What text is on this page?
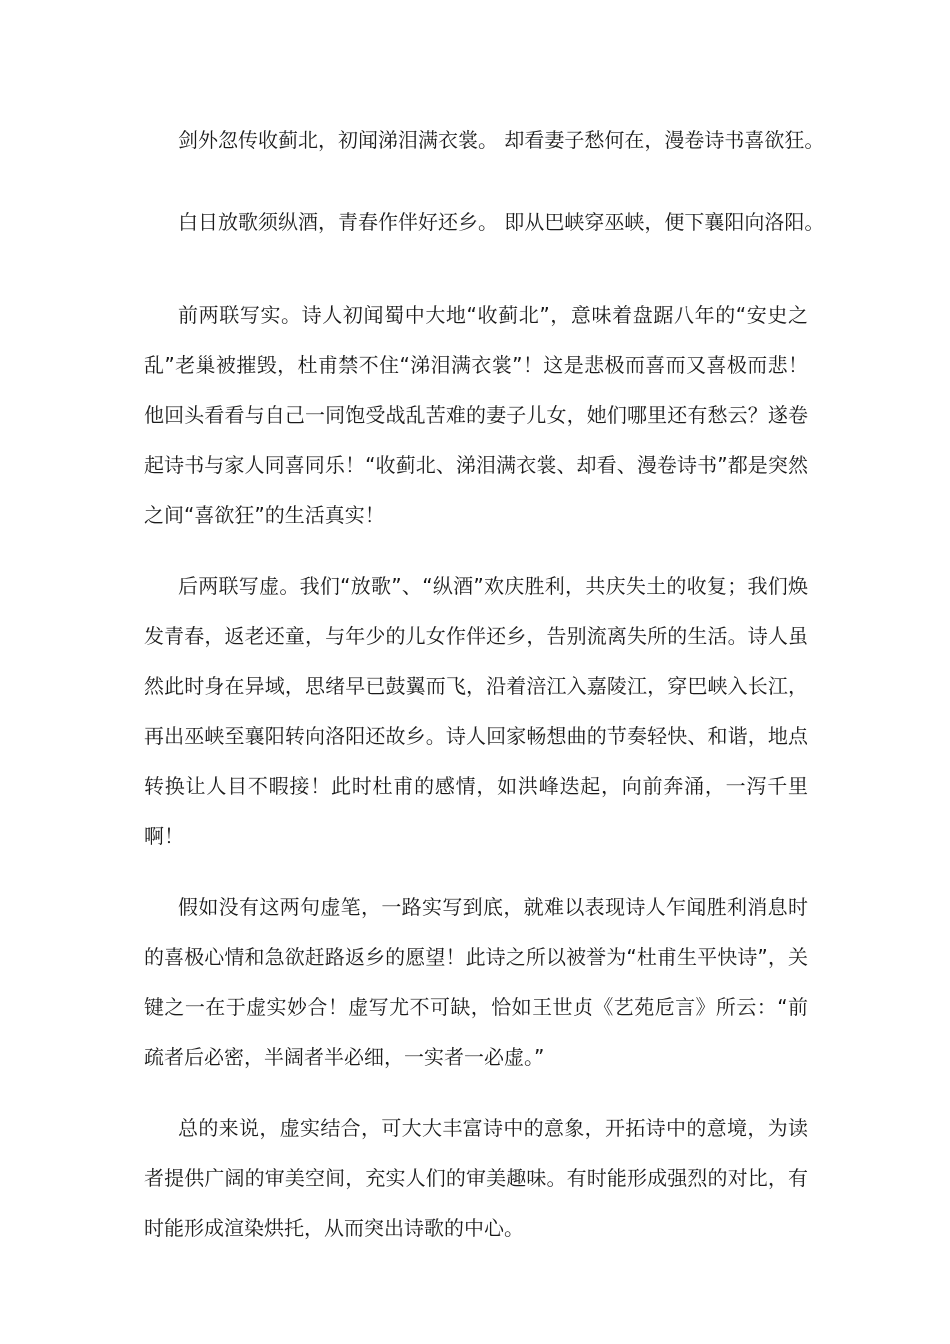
剑外忽传收蓟北，初闻涕泪满衣裳。 却看妻子愁何在，漫卷诗书喜欲狂。

白日放歌须纵酒，青春作伴好还乡。 即从巴峡穿巫峡，便下襄阳向洛阳。

前两联写实。诗人初闻蜀中大地“收蓟北”，意味着盘踞八年的“安史之乱”老巢被摧毁，杜甫禁不住“涕泪满衣裳”！这是悲极而喜而又喜极而悲！他回头看看与自己一同饱受战乱苦难的妻子儿女，她们哪里还有愁云？遂卷起诗书与家人同喜同乐！“收蓟北、涕泪满衣裳、却看、漫卷诗书”都是突然之间“喜欲狂”的生活真实！

后两联写虚。我们“放歌”、“纵酒”欢庆胜利，共庆失土的收复；我们焕发青春，返老还童，与年少的儿女作伴还乡，告别流离失所的生活。诗人虽然此时身在异域，思绪早已鼓翼而飞，沿着涪江入嘉陵江，穿巴峡入长江，再出巫峡至襄阳转向洛阳还故乡。诗人回家畅想曲的节奏轻快、和谐，地点转换让人目不暇接！此时杜甫的感情，如洪峰迭起，向前奔涌，一泻千里啊！

假如没有这两句虚笔，一路实写到底，就难以表现诗人乍闻胜利消息时的喜极心情和急欲赶路返乡的愿望！此诗之所以被誉为“杜甫生平快诗”，关键之一在于虚实妙合！虚写尤不可缺，恰如王世贞《艺苑卮言》所云：“前疏者后必密，半阔者半必细，一实者一必虚。”

总的来说，虚实结合，可大大丰富诗中的意象，开拓诗中的意境，为读者提供广阔的审美空间，充实人们的审美趣味。有时能形成强烈的对比，有时能形成渲染烘托，从而突出诗歌的中心。
